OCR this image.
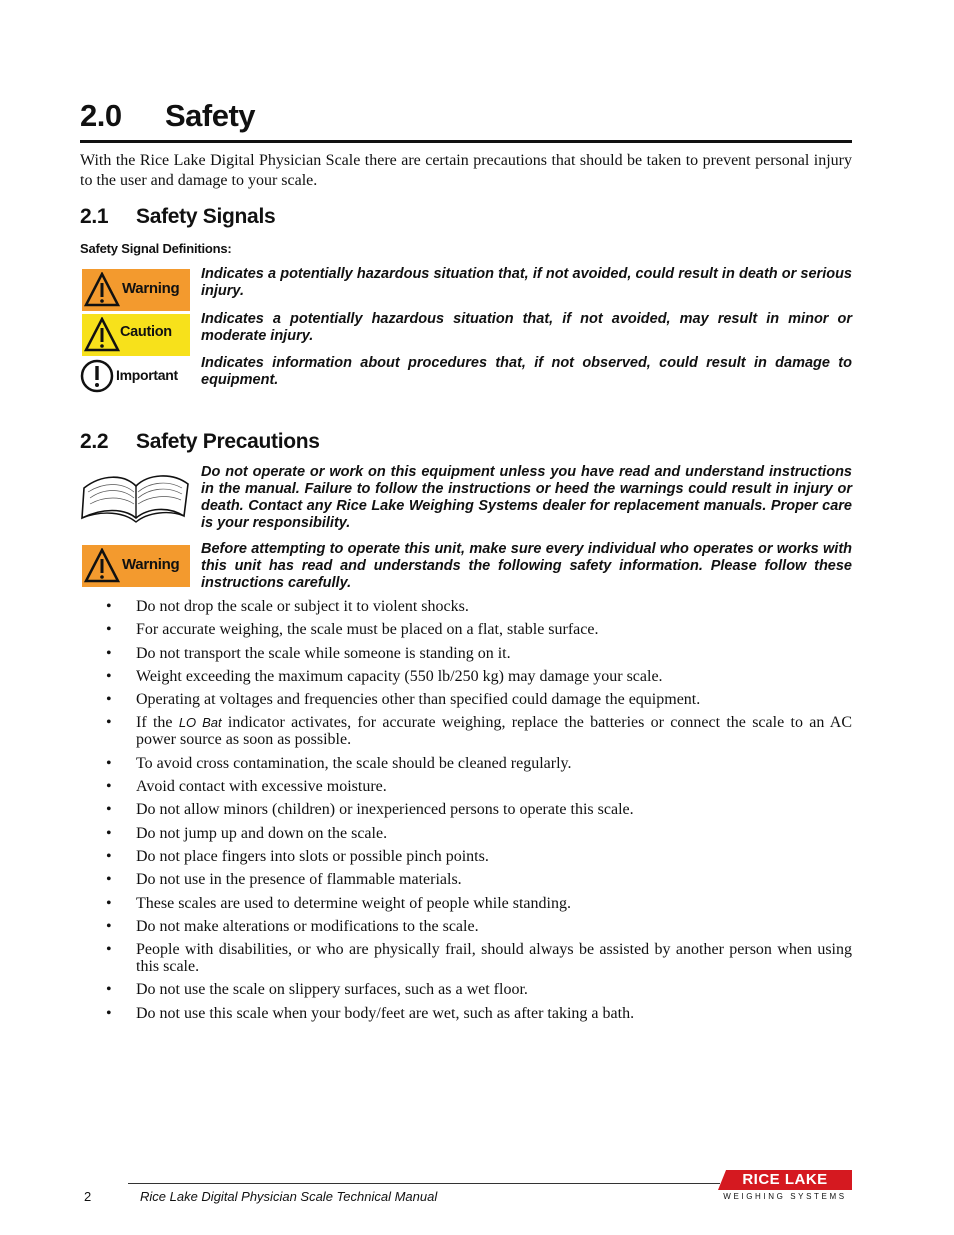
2.0 Safety
With the Rice Lake Digital Physician Scale there are certain precautions that should be taken to prevent personal injury to the user and damage to your scale.
2.1 Safety Signals
Safety Signal Definitions:
Warning
Indicates a potentially hazardous situation that, if not avoided, could result in death or serious injury.
Caution
Indicates a potentially hazardous situation that, if not avoided, may result in minor or moderate injury.
Important
Indicates information about procedures that, if not observed, could result in damage to equipment.
2.2 Safety Precautions
Do not operate or work on this equipment unless you have read and understand instructions in the manual. Failure to follow the instructions or heed the warnings could result in injury or death. Contact any Rice Lake Weighing Systems dealer for replacement manuals. Proper care is your responsibility.
Warning
Before attempting to operate this unit, make sure every individual who operates or works with this unit has read and understands the following safety information. Please follow these instructions carefully.
• Do not drop the scale or subject it to violent shocks.
• For accurate weighing, the scale must be placed on a flat, stable surface.
• Do not transport the scale while someone is standing on it.
• Weight exceeding the maximum capacity (550 lb/250 kg) may damage your scale.
• Operating at voltages and frequencies other than specified could damage the equipment.
• If the LO Bat indicator activates, for accurate weighing, replace the batteries or connect the scale to an AC power source as soon as possible.
• To avoid cross contamination, the scale should be cleaned regularly.
• Avoid contact with excessive moisture.
• Do not allow minors (children) or inexperienced persons to operate this scale.
• Do not jump up and down on the scale.
• Do not place fingers into slots or possible pinch points.
• Do not use in the presence of flammable materials.
• These scales are used to determine weight of people while standing.
• Do not make alterations or modifications to the scale.
• People with disabilities, or who are physically frail, should always be assisted by another person when using this scale.
• Do not use the scale on slippery surfaces, such as a wet floor.
• Do not use this scale when your body/feet are wet, such as after taking a bath.
2	Rice Lake Digital Physician Scale Technical Manual
RICE LAKE
WEIGHING SYSTEMS
